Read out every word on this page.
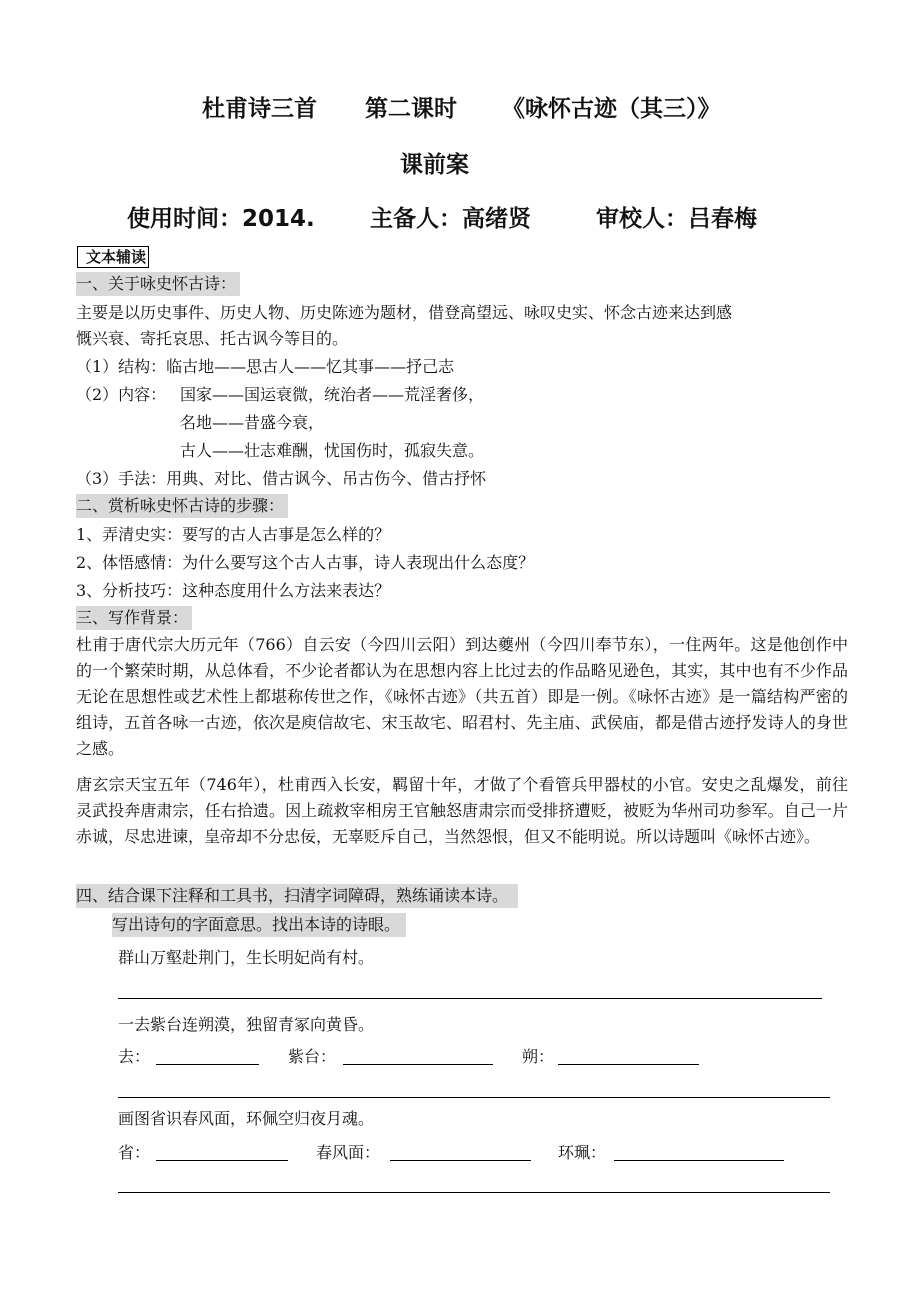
杜甫诗三首 第二课时 《咏怀古迹（其三）》
课前案
使用时间：2014. 主备人：高绪贤	审校人：吕春梅
文本辅读
一、关于咏史怀古诗：
主要是以历史事件、历史人物、历史陈迹为题材，借登高望远、咏叹史实、怀念古迹来达到感
慨兴衰、寄托哀思、托古讽今等目的。
（1）结构：临古地——思古人——忆其事——抒己志
（2）内容： 国家——国运衰微，统治者——荒淫奢侈，
名地——昔盛今衰，
古人——壮志难酬，忧国伤时，孤寂失意。
（3）手法：用典、对比、借古讽今、吊古伤今、借古抒怀
二、赏析咏史怀古诗的步骤：
1、弄清史实：要写的古人古事是怎么样的？
2、体悟感情：为什么要写这个古人古事，诗人表现出什么态度？
3、分析技巧：这种态度用什么方法来表达？
三、写作背景：
杜甫于唐代宗大历元年（766）自云安（今四川云阳）到达夔州（今四川奉节东），一住两年。这是他创作中的一个繁荣时期，从总体看，不少论者都认为在思想内容上比过去的作品略见逊色，其实，其中也有不少作品无论在思想性或艺术性上都堪称传世之作，《咏怀古迹》（共五首）即是一例。《咏怀古迹》是一篇结构严密的组诗，五首各咏一古迹，依次是庾信故宅、宋玉故宅、昭君村、先主庙、武侯庙，都是借古迹抒发诗人的身世之感。
唐玄宗天宝五年（746年），杜甫西入长安，羁留十年，才做了个看管兵甲器杖的小官。安史之乱爆发，前往灵武投奔唐肃宗，任右拾遗。因上疏救宰相房王官触怒唐肃宗而受排挤遭贬，被贬为华州司功参军。自己一片赤诚，尽忠进谏，皇帝却不分忠佞，无辜贬斥自己，当然怨恨，但又不能明说。所以诗题叫《咏怀古迹》。
四、结合课下注释和工具书，扫清字词障碍，熟练诵读本诗。
写出诗句的字面意思。找出本诗的诗眼。
群山万壑赴荆门，生长明妃尚有村。
一去紫台连朔漠，独留青冢向黄昏。
去：	紫台：	朔：
画图省识春风面，环佩空归夜月魂。
省：	春风面：	环珮：
